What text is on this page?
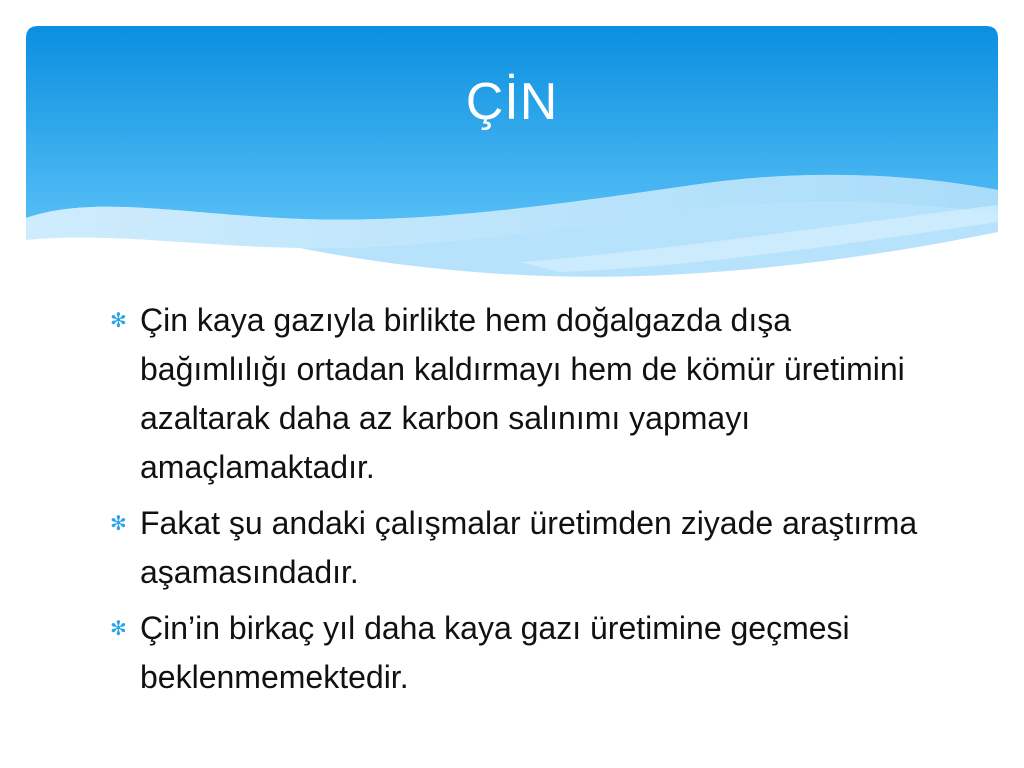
ÇİN
✻ Çin kaya gazıyla birlikte hem doğalgazda dışa bağımlılığı ortadan kaldırmayı hem de kömür üretimini azaltarak daha az karbon salınımı yapmayı amaçlamaktadır.
✻ Fakat şu andaki çalışmalar üretimden ziyade araştırma aşamasındadır.
✻ Çin’in birkaç yıl daha kaya gazı üretimine geçmesi beklenmemektedir.
